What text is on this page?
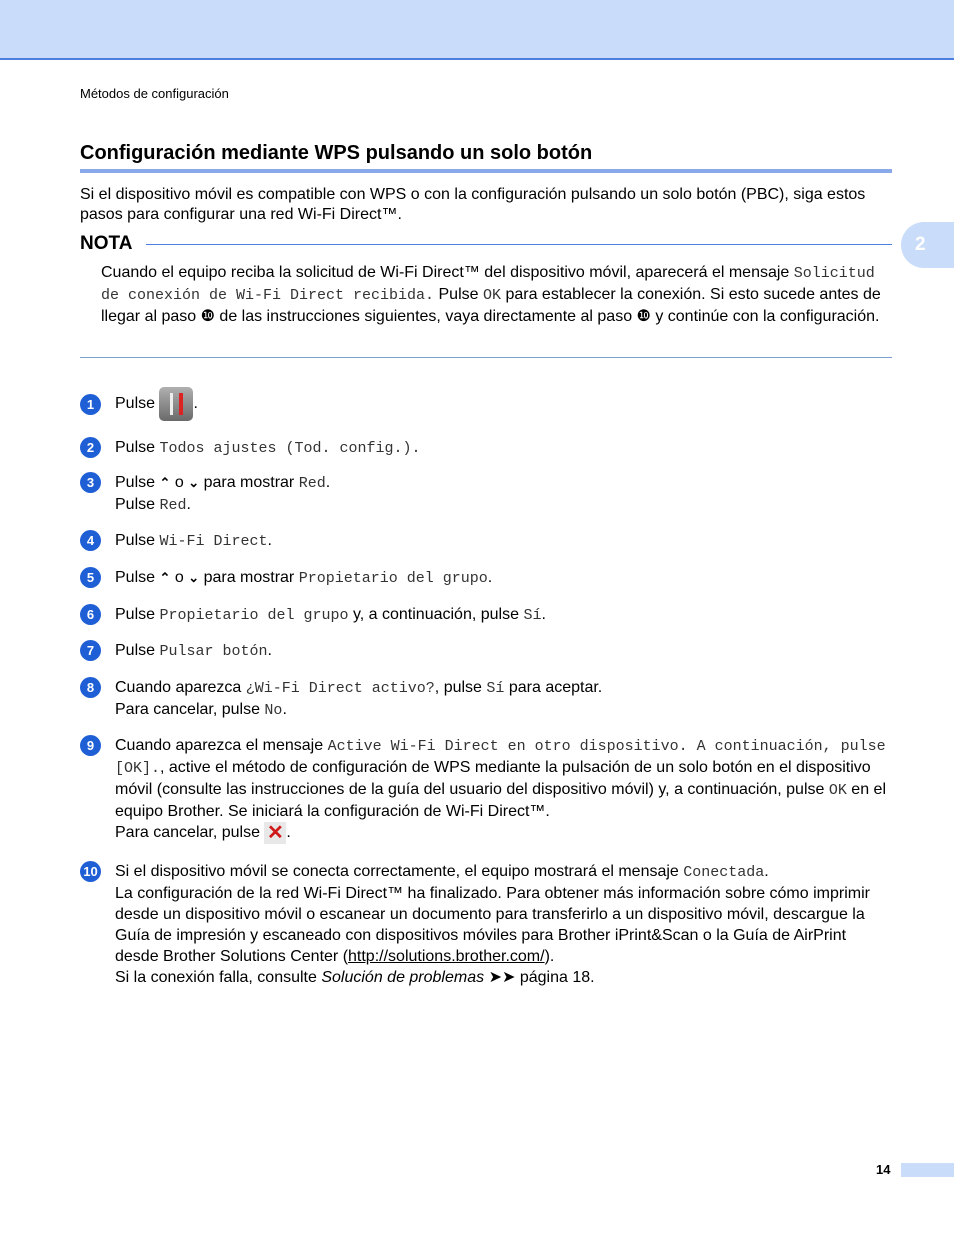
Métodos de configuración
2
Configuración mediante WPS pulsando un solo botón
Si el dispositivo móvil es compatible con WPS o con la configuración pulsando un solo botón (PBC), siga estos pasos para configurar una red Wi-Fi Direct™.
NOTA
Cuando el equipo reciba la solicitud de Wi-Fi Direct™ del dispositivo móvil, aparecerá el mensaje Solicitud de conexión de Wi-Fi Direct recibida. Pulse OK para establecer la conexión. Si esto sucede antes de llegar al paso ❿ de las instrucciones siguientes, vaya directamente al paso ❿ y continúe con la configuración.
1	Pulse .
2	Pulse Todos ajustes (Tod. config.).
3	Pulse ⌃ o ⌄ para mostrar Red.
Pulse Red.
4	Pulse Wi-Fi Direct.
5	Pulse ⌃ o ⌄ para mostrar Propietario del grupo.
6	Pulse Propietario del grupo y, a continuación, pulse Sí.
7	Pulse Pulsar botón.
8	Cuando aparezca ¿Wi-Fi Direct activo?, pulse Sí para aceptar.
Para cancelar, pulse No.
9	Cuando aparezca el mensaje Active Wi-Fi Direct en otro dispositivo. A continuación, pulse [OK]., active el método de configuración de WPS mediante la pulsación de un solo botón en el dispositivo móvil (consulte las instrucciones de la guía del usuario del dispositivo móvil) y, a continuación, pulse OK en el equipo Brother. Se iniciará la configuración de Wi-Fi Direct™.
Para cancelar, pulse ✕ .
10 Si el dispositivo móvil se conecta correctamente, el equipo mostrará el mensaje Conectada.
La configuración de la red Wi-Fi Direct™ ha finalizado. Para obtener más información sobre cómo imprimir desde un dispositivo móvil o escanear un documento para transferirlo a un dispositivo móvil, descargue la Guía de impresión y escaneado con dispositivos móviles para Brother iPrint&Scan o la Guía de AirPrint desde Brother Solutions Center (http://solutions.brother.com/).
Si la conexión falla, consulte Solución de problemas ➤➤ página 18.
14
